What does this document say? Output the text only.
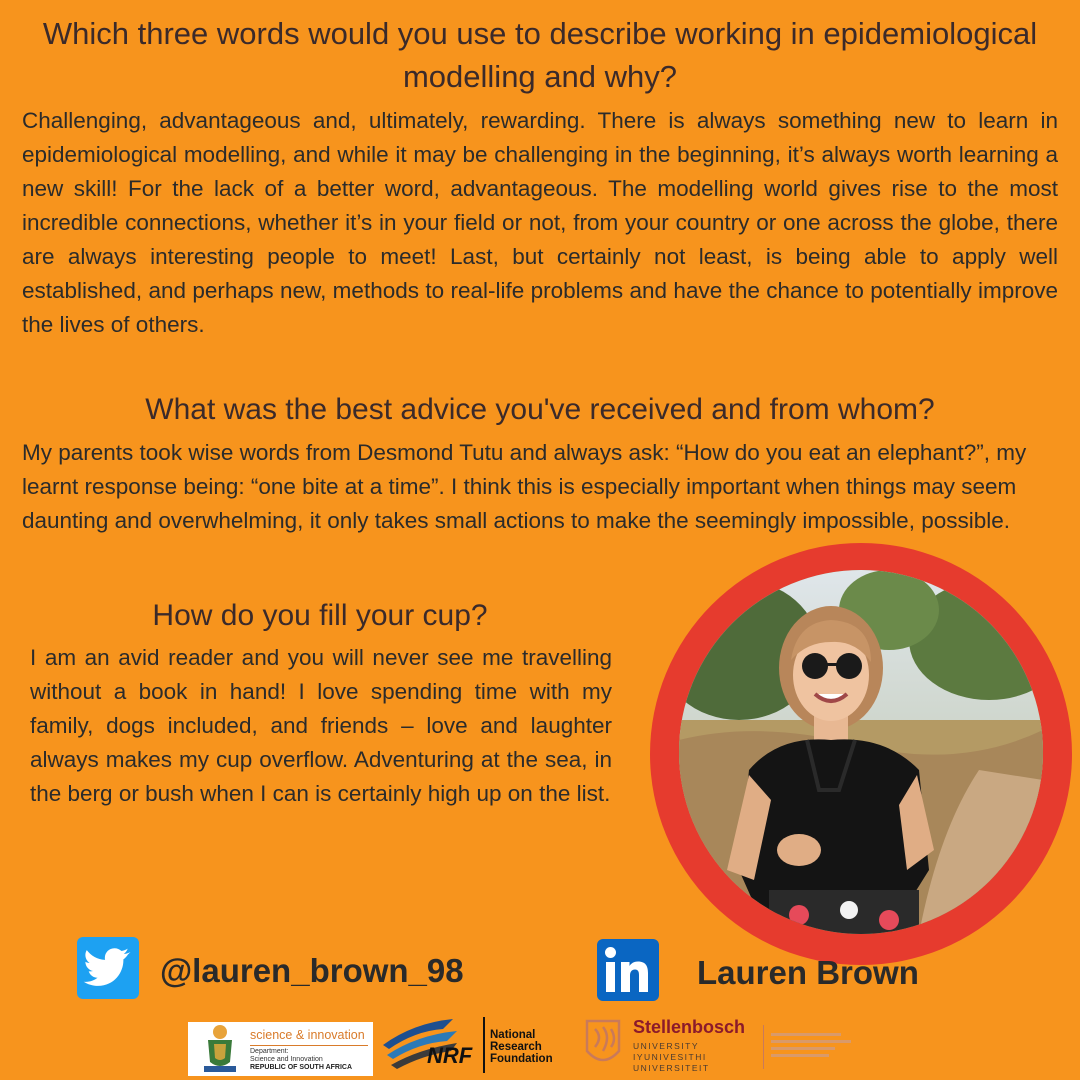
Which three words would you use to describe working in epidemiological modelling and why?
Challenging, advantageous and, ultimately, rewarding. There is always something new to learn in epidemiological modelling, and while it may be challenging in the beginning, it’s always worth learning a new skill! For the lack of a better word, advantageous. The modelling world gives rise to the most incredible connections, whether it’s in your field or not, from your country or one across the globe, there are always interesting people to meet! Last, but certainly not least, is being able to apply well established, and perhaps new, methods to real-life problems and have the chance to potentially improve the lives of others.
What was the best advice you've received and from whom?
My parents took wise words from Desmond Tutu and always ask: “How do you eat an elephant?”, my learnt response being: “one bite at a time”. I think this is especially important when things may seem daunting and overwhelming, it only takes small actions to make the seemingly impossible, possible.
How do you fill your cup?
I am an avid reader and you will never see me travelling without a book in hand! I love spending time with my family, dogs included, and friends – love and laughter always makes my cup overflow. Adventuring at the sea, in the berg or bush when I can is certainly high up on the list.
@lauren_brown_98	Lauren Brown
science & innovation
Department:
Science and Innovation
REPUBLIC OF SOUTH AFRICA	NRF
National
Research
Foundation
Stellenbosch
UNIVERSITY
IYUNIVESITHI
UNIVERSITEIT
